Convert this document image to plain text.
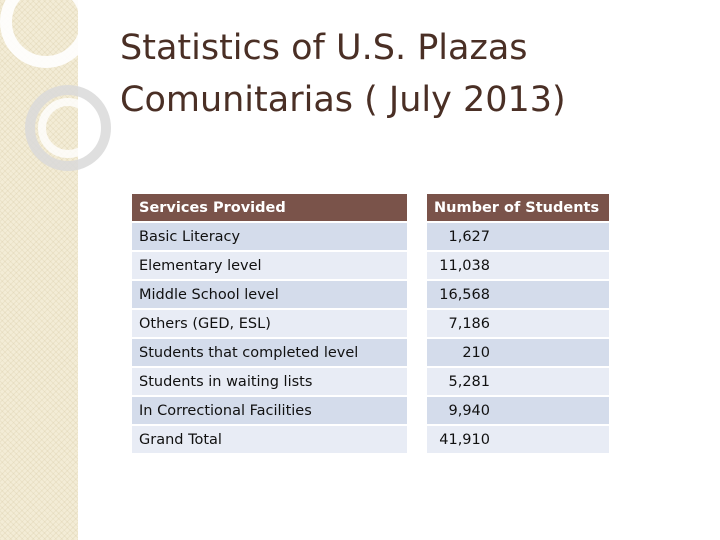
Statistics of U.S. Plazas
Comunitarias ( July 2013)
Services Provided		Number of Students
Basic Literacy		1,627
Elementary level		11,038
Middle School level		16,568
Others (GED, ESL)		7,186
Students that completed level		210
Students in waiting lists		5,281
In Correctional Facilities		9,940
Grand Total		41,910
